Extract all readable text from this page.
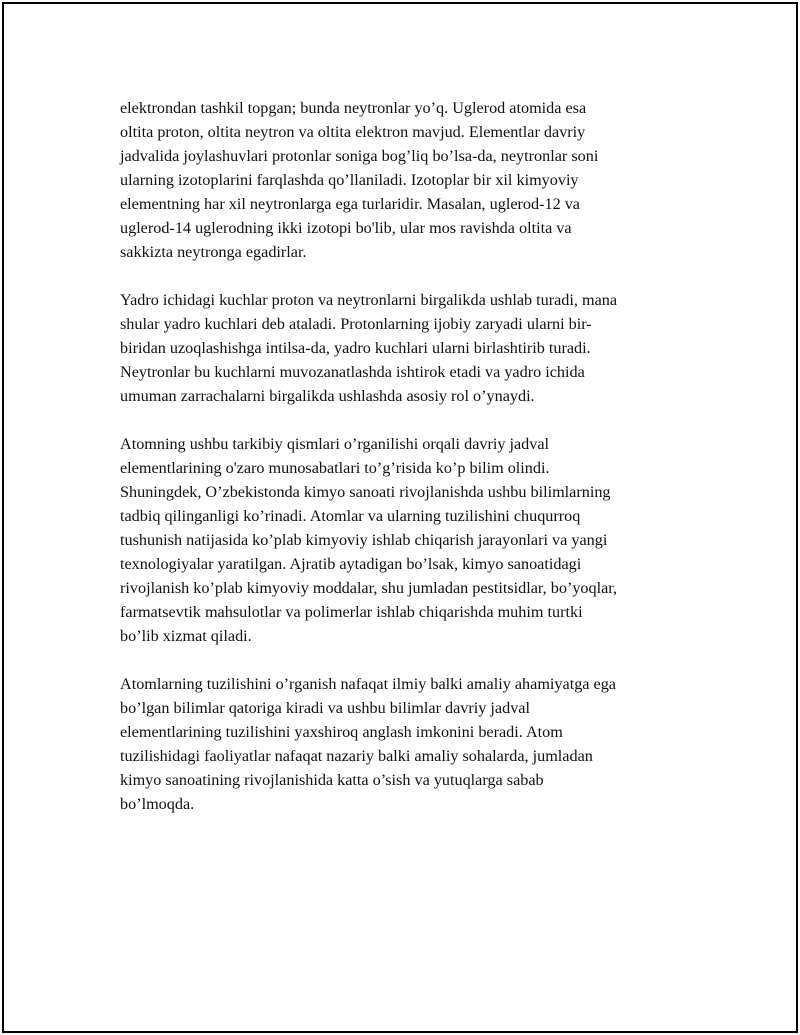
elektrondan tashkil topgan; bunda neytronlar yo’q. Uglerod atomida esa
oltita proton, oltita neytron va oltita elektron mavjud. Elementlar davriy
jadvalida joylashuvlari protonlar soniga bog’liq bo’lsa-da, neytronlar soni
ularning izotoplarini farqlashda qo’llaniladi. Izotoplar bir xil kimyoviy
elementning har xil neytronlarga ega turlaridir. Masalan, uglerod-12 va
uglerod-14 uglerodning ikki izotopi bo'lib, ular mos ravishda oltita va
sakkizta neytronga egadirlar.

Yadro ichidagi kuchlar proton va neytronlarni birgalikda ushlab turadi, mana
shular yadro kuchlari deb ataladi. Protonlarning ijobiy zaryadi ularni bir-
biridan uzoqlashishga intilsa-da, yadro kuchlari ularni birlashtirib turadi.
Neytronlar bu kuchlarni muvozanatlashda ishtirok etadi va yadro ichida
umuman zarrachalarni birgalikda ushlashda asosiy rol o’ynaydi.

Atomning ushbu tarkibiy qismlari o’rganilishi orqali davriy jadval
elementlarining o'zaro munosabatlari to’g’risida ko’p bilim olindi.
Shuningdek, O’zbekistonda kimyo sanoati rivojlanishda ushbu bilimlarning
tadbiq qilinganligi ko’rinadi. Atomlar va ularning tuzilishini chuqurroq
tushunish natijasida ko’plab kimyoviy ishlab chiqarish jarayonlari va yangi
texnologiyalar yaratilgan. Ajratib aytadigan bo’lsak, kimyo sanoatidagi
rivojlanish ko’plab kimyoviy moddalar, shu jumladan pestitsidlar, bo’yoqlar,
farmatsevtik mahsulotlar va polimerlar ishlab chiqarishda muhim turtki
bo’lib xizmat qiladi.

Atomlarning tuzilishini o’rganish nafaqat ilmiy balki amaliy ahamiyatga ega
bo’lgan bilimlar qatoriga kiradi va ushbu bilimlar davriy jadval
elementlarining tuzilishini yaxshiroq anglash imkonini beradi. Atom
tuzilishidagi faoliyatlar nafaqat nazariy balki amaliy sohalarda, jumladan
kimyo sanoatining rivojlanishida katta o’sish va yutuqlarga sabab
bo’lmoqda.
